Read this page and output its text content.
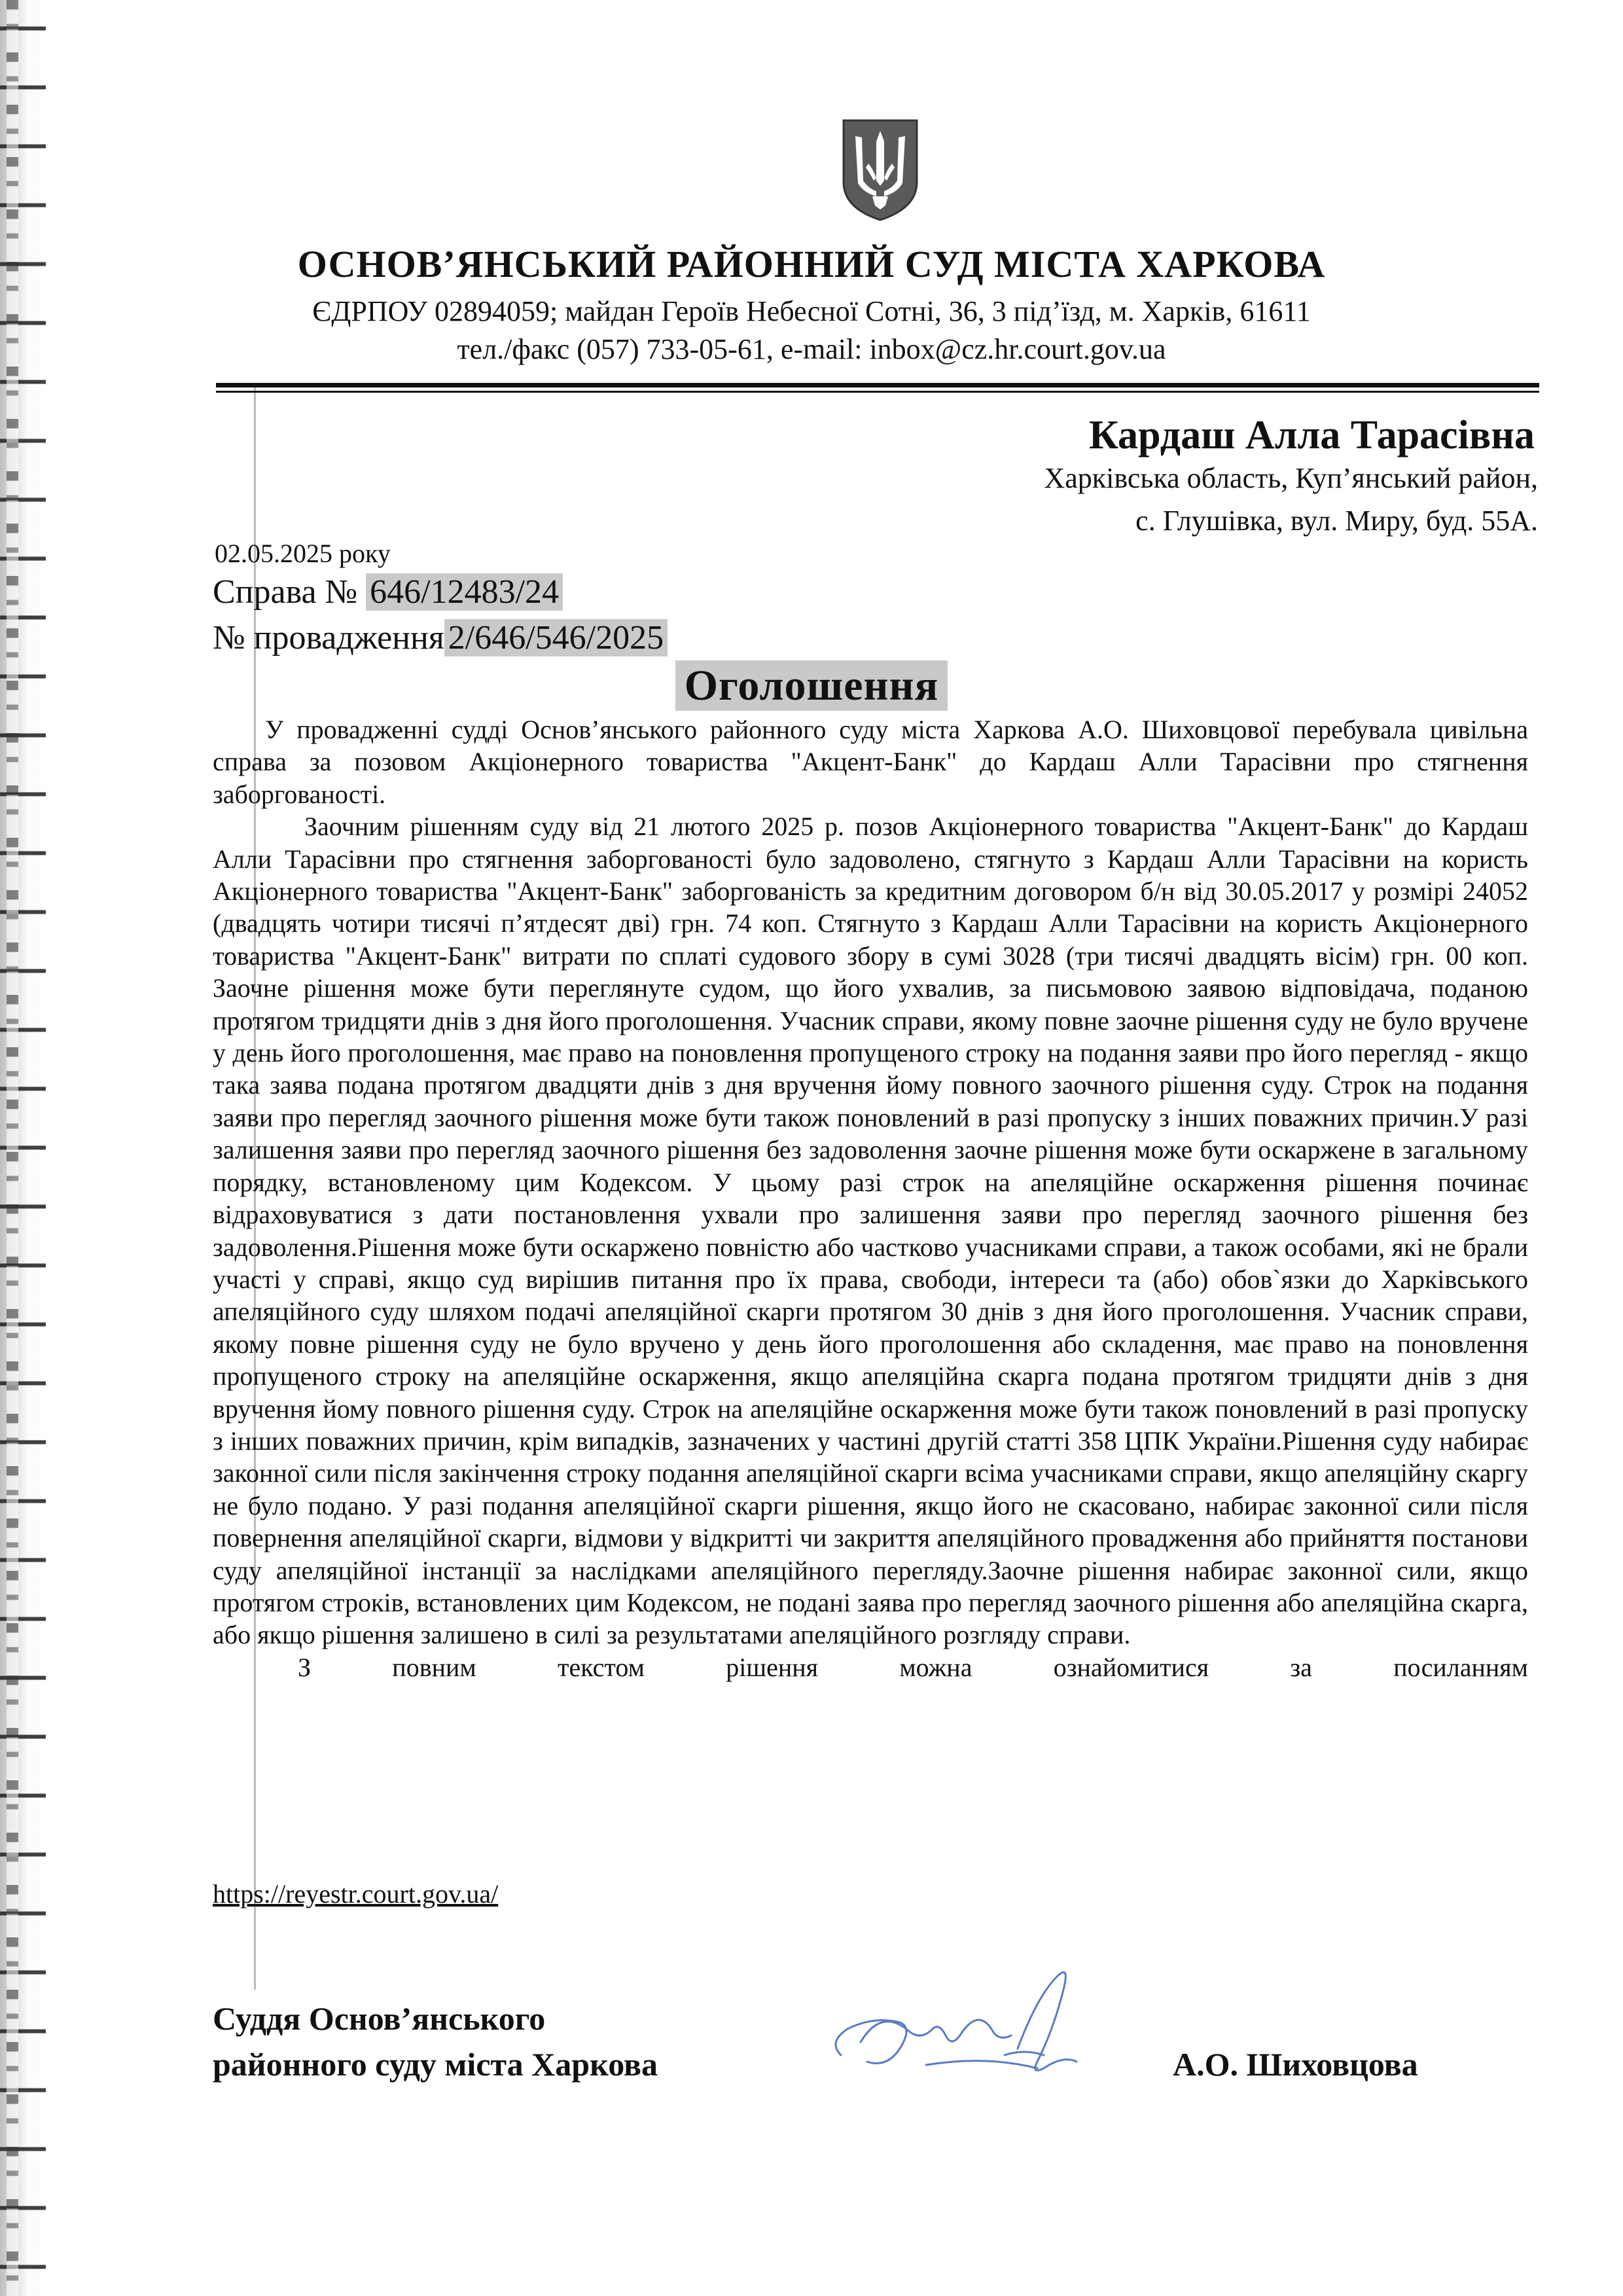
ОСНОВ’ЯНСЬКИЙ РАЙОННИЙ СУД МІСТА ХАРКОВА
ЄДРПОУ 02894059; майдан Героїв Небесної Сотні, 36, 3 під’їзд, м. Харків, 61611
тел./факс (057) 733-05-61, e-mail: inbox@cz.hr.court.gov.ua
Кардаш Алла Тарасівна
Харківська область, Куп’янський район,
с. Глушівка, вул. Миру, буд. 55А.
02.05.2025 року
Справа № 646/12483/24
№ провадження 2/646/546/2025
Оголошення

У провадженні судді Основ’янського районного суду міста Харкова А.О. Шиховцової перебувала цивільна справа за позовом Акціонерного товариства "Акцент-Банк" до Кардаш Алли Тарасівни про стягнення заборгованості.

Заочним рішенням суду від 21 лютого 2025 р. позов Акціонерного товариства "Акцент-Банк" до Кардаш Алли Тарасівни про стягнення заборгованості було задоволено, стягнуто з Кардаш Алли Тарасівни на користь Акціонерного товариства "Акцент-Банк" заборгованість за кредитним договором б/н від 30.05.2017 у розмірі 24052 (двадцять чотири тисячі п’ятдесят дві) грн. 74 коп. Стягнуто з Кардаш Алли Тарасівни на користь Акціонерного товариства "Акцент-Банк" витрати по сплаті судового збору в сумі 3028 (три тисячі двадцять вісім) грн. 00 коп. Заочне рішення може бути переглянуте судом, що його ухвалив, за письмовою заявою відповідача, поданою протягом тридцяти днів з дня його проголошення. Учасник справи, якому повне заочне рішення суду не було вручене у день його проголошення, має право на поновлення пропущеного строку на подання заяви про його перегляд - якщо така заява подана протягом двадцяти днів з дня вручення йому повного заочного рішення суду. Строк на подання заяви про перегляд заочного рішення може бути також поновлений в разі пропуску з інших поважних причин.У разі залишення заяви про перегляд заочного рішення без задоволення заочне рішення може бути оскаржене в загальному порядку, встановленому цим Кодексом. У цьому разі строк на апеляційне оскарження рішення починає відраховуватися з дати постановлення ухвали про залишення заяви про перегляд заочного рішення без задоволення.Рішення може бути оскаржено повністю або частково учасниками справи, а також особами, які не брали участі у справі, якщо суд вирішив питання про їх права, свободи, інтереси та (або) обов`язки до Харківського апеляційного суду шляхом подачі апеляційної скарги протягом 30 днів з дня його проголошення. Учасник справи, якому повне рішення суду не було вручено у день його проголошення або складення, має право на поновлення пропущеного строку на апеляційне оскарження, якщо апеляційна скарга подана протягом тридцяти днів з дня вручення йому повного рішення суду. Строк на апеляційне оскарження може бути також поновлений в разі пропуску з інших поважних причин, крім випадків, зазначених у частині другій статті 358 ЦПК України.Рішення суду набирає законної сили після закінчення строку подання апеляційної скарги всіма учасниками справи, якщо апеляційну скаргу не було подано. У разі подання апеляційної скарги рішення, якщо його не скасовано, набирає законної сили після повернення апеляційної скарги, відмови у відкритті чи закриття апеляційного провадження або прийняття постанови суду апеляційної інстанції за наслідками апеляційного перегляду.Заочне рішення набирає законної сили, якщо протягом строків, встановлених цим Кодексом, не подані заява про перегляд заочного рішення або апеляційна скарга, або якщо рішення залишено в силі за результатами апеляційного розгляду справи.

З повним текстом рішення можна ознайомитися за посиланням

https://reyestr.court.gov.ua/
Суддя Основ’янського
районного суду міста Харкова	А.О. Шиховцова
